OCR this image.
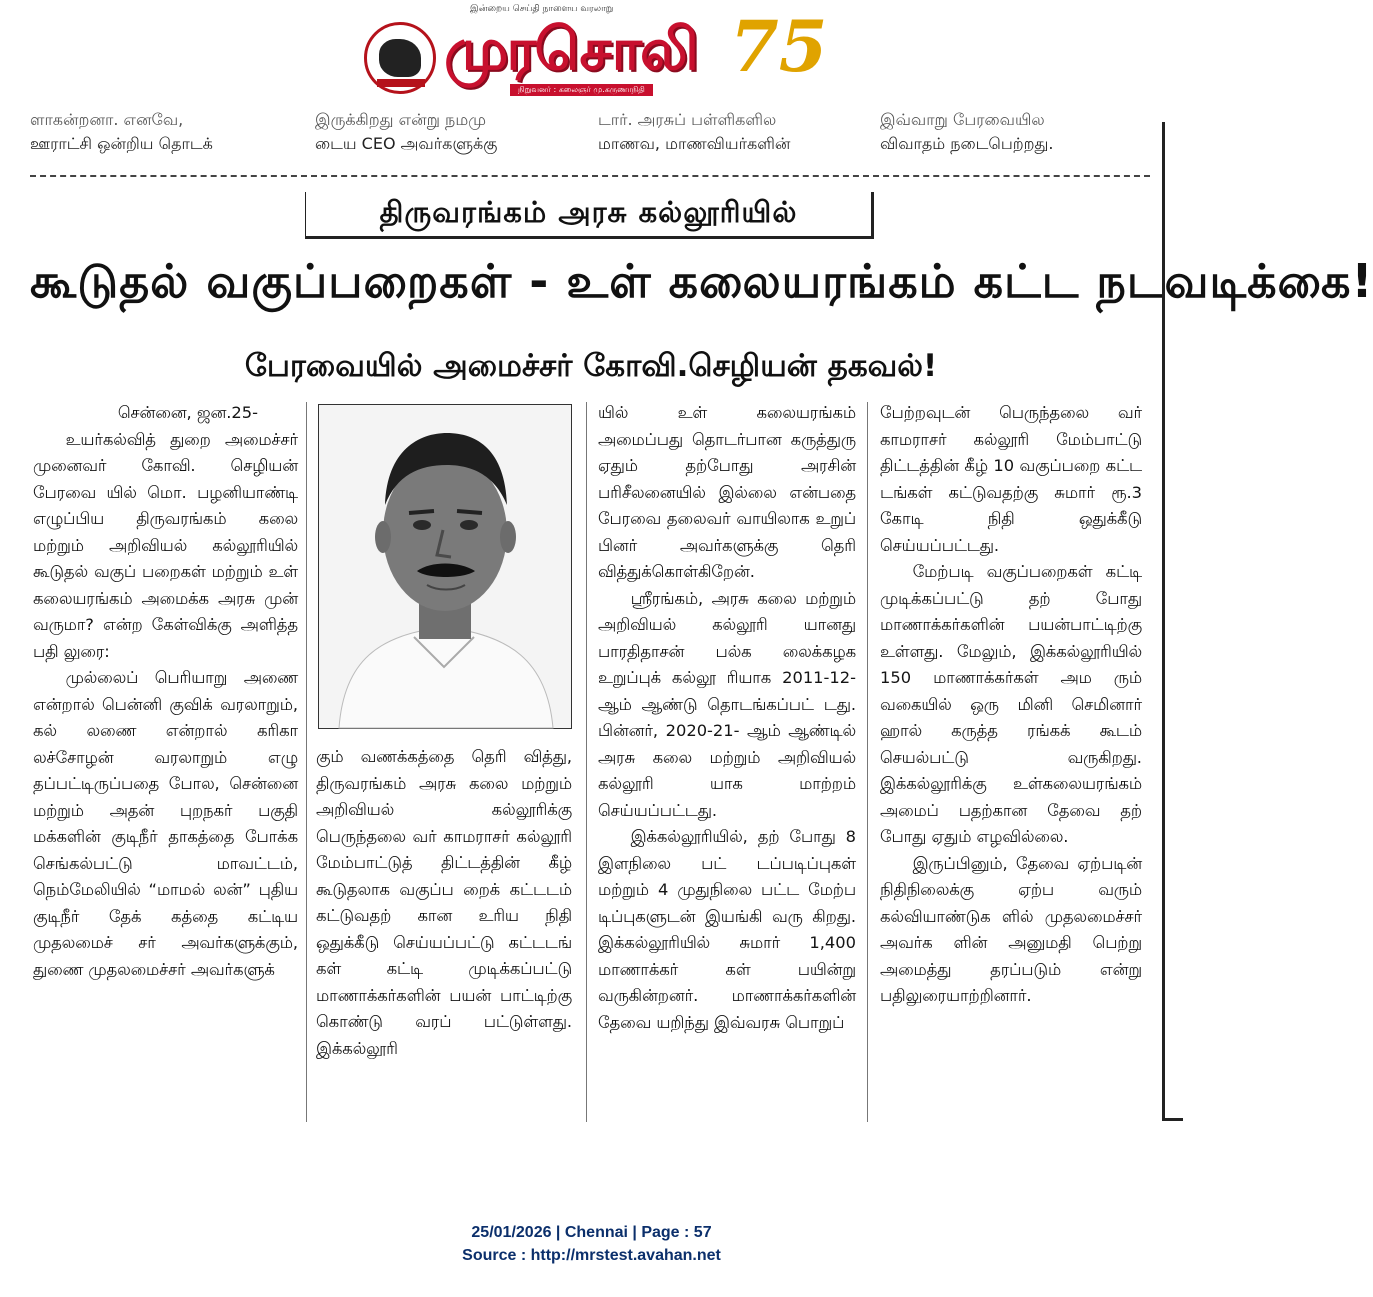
இன்றைய செய்தி நாளைய வரலாறு
முரசொலி
நிறுவனர் : கலைஞர் மு.கருணாநிதி
75
ளாகன்றனா. எனவே,
ஊராட்சி ஒன்றிய தொடக்
இருக்கிறது என்று நமமு
டைய CEO அவர்களுக்கு
டார். அரசுப் பள்ளிகளில
மாணவ, மாணவியர்களின்
இவ்வாறு பேரவையில
விவாதம் நடைபெற்றது.
திருவரங்கம் அரசு கல்லூரியில்
கூடுதல் வகுப்பறைகள் - உள் கலையரங்கம் கட்ட நடவடிக்கை!
பேரவையில் அமைச்சர் கோவி.செழியன் தகவல்!
சென்னை, ஜன.25-

உயர்கல்வித் துறை அமைச்சர் முனைவர் கோவி. செழியன் பேரவை யில் மொ. பழனியாண்டி எழுப்பிய திருவரங்கம் கலை மற்றும் அறிவியல் கல்லூரியில் கூடுதல் வகுப் பறைகள் மற்றும் உள் கலையரங்கம் அமைக்க அரசு முன் வருமா? என்ற கேள்விக்கு அளித்த பதி லுரை:

முல்லைப் பெரியாறு அணை என்றால் பென்னி குவிக் வரலாறும், கல் லணை என்றால் கரிகா லச்சோழன் வரலாறும் எழு தப்பட்டிருப்பதை போல, சென்னை மற்றும் அதன் புறநகர் பகுதி மக்களின் குடிநீர் தாகத்தை போக்க செங்கல்பட்டு மாவட்டம், நெம்மேலியில் “மாமல் லன்” புதிய குடிநீர் தேக் கத்தை கட்டிய முதலமைச் சர் அவர்களுக்கும், துணை முதலமைச்சர் அவர்களுக்

கும் வணக்கத்தை தெரி வித்து, திருவரங்கம் அரசு கலை மற்றும் அறிவியல் கல்லூரிக்கு பெருந்தலை வர் காமராசர் கல்லூரி மேம்பாட்டுத் திட்டத்தின் கீழ் கூடுதலாக வகுப்ப றைக் கட்டடம் கட்டுவதற் கான உரிய நிதி ஒதுக்கீடு செய்யப்பட்டு கட்டடங் கள் கட்டி முடிக்கப்பட்டு மாணாக்கர்களின் பயன் பாட்டிற்கு கொண்டு வரப் பட்டுள்ளது. இக்கல்லூரி

யில் உள் கலையரங்கம் அமைப்பது தொடர்பான கருத்துரு ஏதும் தற்போது அரசின் பரிசீலனையில் இல்லை என்பதை பேரவை தலைவர் வாயிலாக உறுப் பினர் அவர்களுக்கு தெரி வித்துக்கொள்கிறேன்.

ஸ்ரீரங்கம், அரசு கலை மற்றும் அறிவியல் கல்லூரி யானது பாரதிதாசன் பல்க லைக்கழக உறுப்புக் கல்லூ ரியாக 2011-12-ஆம் ஆண்டு தொடங்கப்பட் டது. பின்னர், 2020-21- ஆம் ஆண்டில் அரசு கலை மற்றும் அறிவியல் கல்லூரி யாக மாற்றம் செய்யப்பட்டது.

இக்கல்லூரியில், தற் போது 8 இளநிலை பட் டப்படிப்புகள் மற்றும் 4 முதுநிலை பட்ட மேற்ப டிப்புகளுடன் இயங்கி வரு கிறது. இக்கல்லூரியில் சுமார் 1,400 மாணாக்கர் கள் பயின்று வருகின்றனர். மாணாக்கர்களின் தேவை யறிந்து இவ்வரசு பொறுப்

பேற்றவுடன் பெருந்தலை வர் காமராசர் கல்லூரி மேம்பாட்டு திட்டத்தின் கீழ் 10 வகுப்பறை கட்ட டங்கள் கட்டுவதற்கு சுமார் ரூ.3 கோடி நிதி ஒதுக்கீடு செய்யப்பட்டது.

மேற்படி வகுப்பறைகள் கட்டி முடிக்கப்பட்டு தற் போது மாணாக்கர்களின் பயன்பாட்டிற்கு உள்ளது. மேலும், இக்கல்லூரியில் 150 மாணாக்கர்கள் அம ரும் வகையில் ஒரு மினி செமினார் ஹால் கருத்த ரங்கக் கூடம் செயல்பட்டு வருகிறது. இக்கல்லூரிக்கு உள்கலையரங்கம் அமைப் பதற்கான தேவை தற் போது ஏதும் எழவில்லை.

இருப்பினும், தேவை ஏற்படின் நிதிநிலைக்கு ஏற்ப வரும் கல்வியாண்டுக ளில் முதலமைச்சர் அவர்க ளின் அனுமதி பெற்று அமைத்து தரப்படும் என்று பதிலுரையாற்றினார்.

25/01/2026 | Chennai | Page : 57
Source : http://mrstest.avahan.net
